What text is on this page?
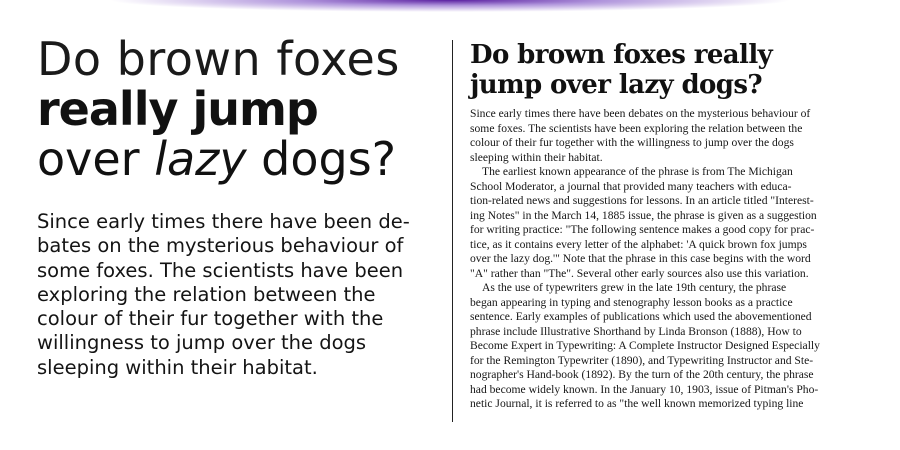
Do brown foxes
really jump
over lazy dogs?

Since early times there have been de-
bates on the mysterious behaviour of
some foxes. The scientists have been
exploring the relation between the
colour of their fur together with the
willingness to jump over the dogs
sleeping within their habitat.

Do brown foxes really
jump over lazy dogs?
Since early times there have been debates on the mysterious behaviour of
some foxes. The scientists have been exploring the relation between the
colour of their fur together with the willingness to jump over the dogs
sleeping within their habitat.
The earliest known appearance of the phrase is from The Michigan
School Moderator, a journal that provided many teachers with educa-
tion-related news and suggestions for lessons. In an article titled "Interest-
ing Notes" in the March 14, 1885 issue, the phrase is given as a suggestion
for writing practice: "The following sentence makes a good copy for prac-
tice, as it contains every letter of the alphabet: 'A quick brown fox jumps
over the lazy dog.'" Note that the phrase in this case begins with the word
"A" rather than "The". Several other early sources also use this variation.
As the use of typewriters grew in the late 19th century, the phrase
began appearing in typing and stenography lesson books as a practice
sentence. Early examples of publications which used the abovementioned
phrase include Illustrative Shorthand by Linda Bronson (1888), How to
Become Expert in Typewriting: A Complete Instructor Designed Especially
for the Remington Typewriter (1890), and Typewriting Instructor and Ste-
nographer's Hand-book (1892). By the turn of the 20th century, the phrase
had become widely known. In the January 10, 1903, issue of Pitman's Pho-
netic Journal, it is referred to as "the well known memorized typing line
